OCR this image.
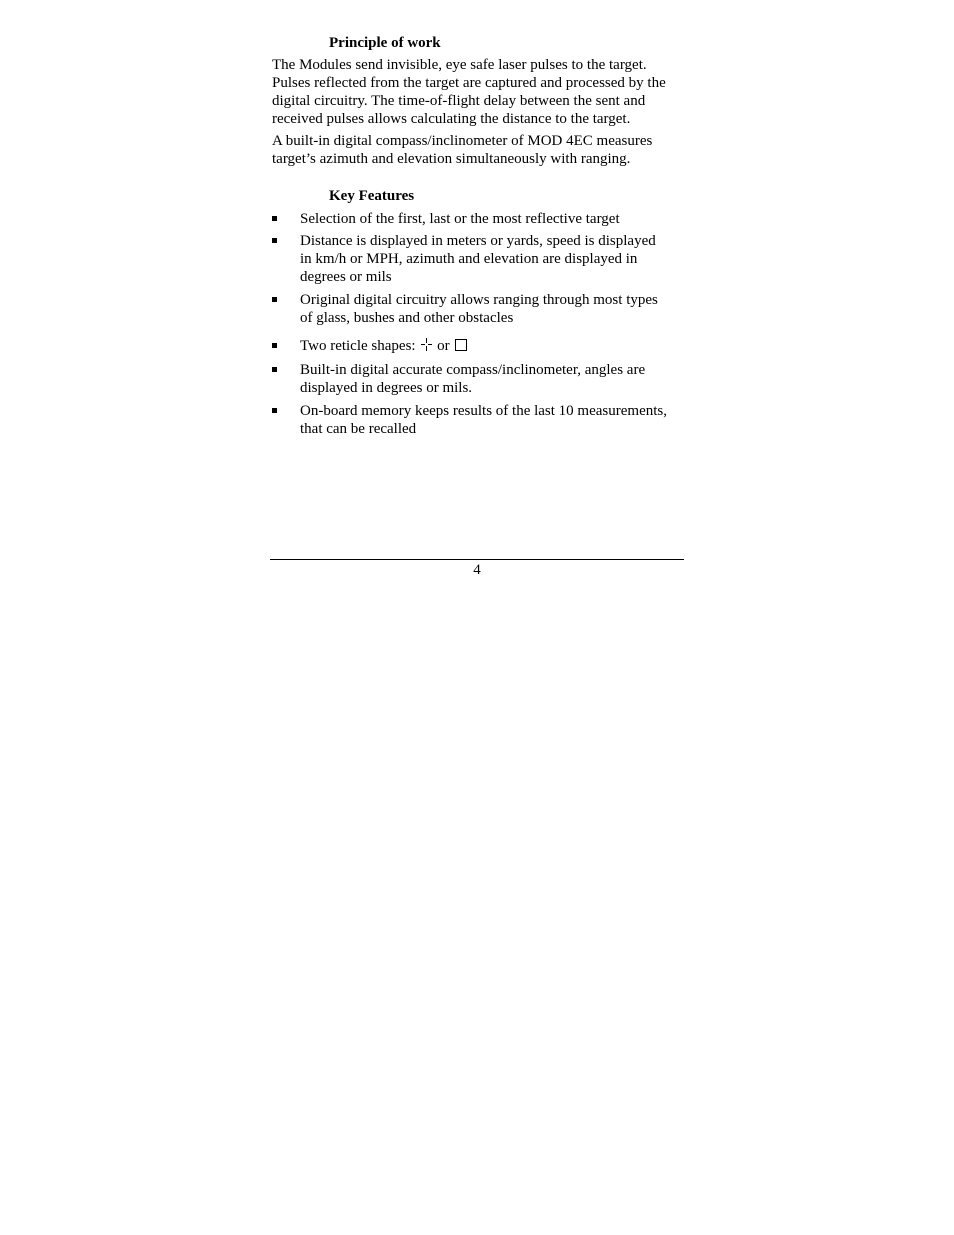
Principle of work
The Modules send invisible, eye safe laser pulses to the target.
Pulses reflected from the target are captured and processed by the
digital circuitry. The time-of-flight delay between the sent and
received pulses allows calculating the distance to the target.
A built-in digital compass/inclinometer of MOD 4EC measures
target’s azimuth and elevation simultaneously with ranging.
Key Features
Selection of the first, last or the most reflective target
Distance is displayed in meters or yards, speed is displayed
in km/h or MPH, azimuth and elevation are displayed in
degrees or mils
Original digital circuitry allows ranging through most types
of glass, bushes and other obstacles
Two reticle shapes: or
Built-in digital accurate compass/inclinometer, angles are
displayed in degrees or mils.
On-board memory keeps results of the last 10 measurements,
that can be recalled
4
